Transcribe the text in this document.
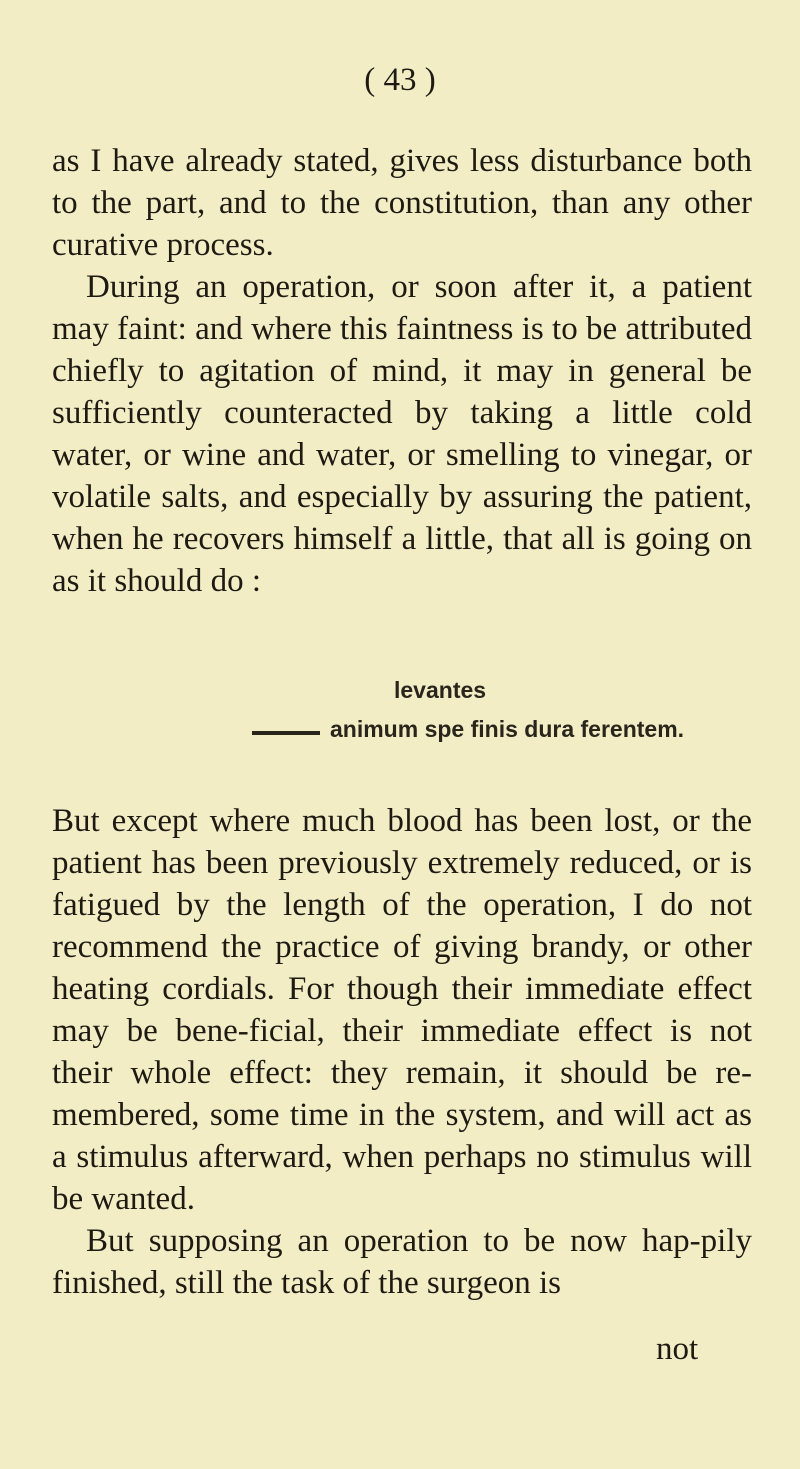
( 43 )

as I have already stated, gives less disturbance both to the part, and to the constitution, than any other curative process.

During an operation, or soon after it, a patient may faint: and where this faintness is to be attributed chiefly to agitation of mind, it may in general be sufficiently counteracted by taking a little cold water, or wine and water, or smelling to vinegar, or volatile salts, and especially by assuring the patient, when he recovers himself a little, that all is going on as it should do :

levantes
animum spe finis dura ferentem.

But except where much blood has been lost, or the patient has been previously extremely reduced, or is fatigued by the length of the operation, I do not recommend the practice of giving brandy, or other heating cordials. For though their immediate effect may be bene-ficial, their immediate effect is not their whole effect: they remain, it should be re-membered, some time in the system, and will act as a stimulus afterward, when perhaps no stimulus will be wanted.

But supposing an operation to be now hap-pily finished, still the task of the surgeon is

not
